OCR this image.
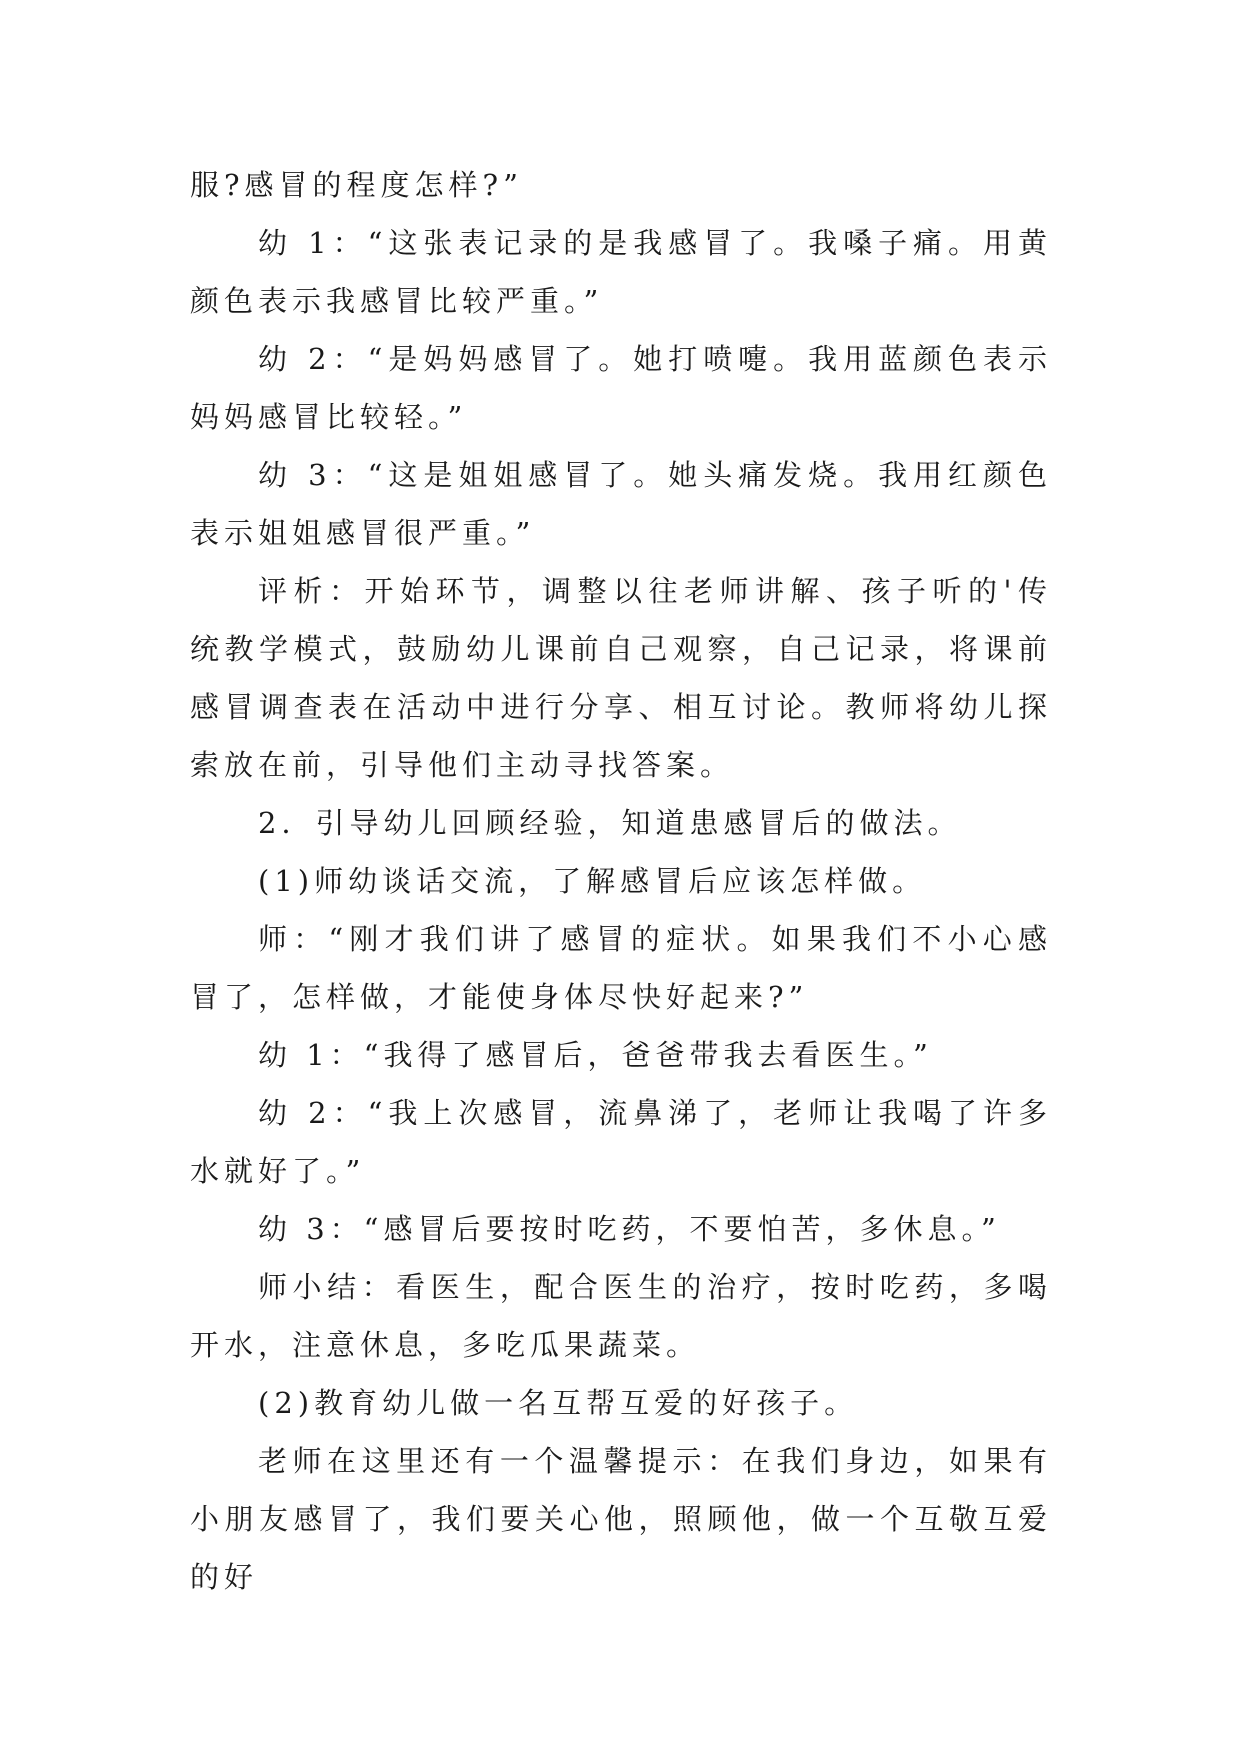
服?感冒的程度怎样?”

幼 1：“这张表记录的是我感冒了。我嗓子痛。用黄颜色表示我感冒比较严重。”

幼 2：“是妈妈感冒了。她打喷嚏。我用蓝颜色表示妈妈感冒比较轻。”

幼 3：“这是姐姐感冒了。她头痛发烧。我用红颜色表示姐姐感冒很严重。”

评析：开始环节，调整以往老师讲解、孩子听的'传统教学模式，鼓励幼儿课前自己观察，自己记录，将课前感冒调查表在活动中进行分享、相互讨论。教师将幼儿探索放在前，引导他们主动寻找答案。

2．引导幼儿回顾经验，知道患感冒后的做法。

(1)师幼谈话交流，了解感冒后应该怎样做。

师：“刚才我们讲了感冒的症状。如果我们不小心感冒了，怎样做，才能使身体尽快好起来?”

幼 1：“我得了感冒后，爸爸带我去看医生。”

幼 2：“我上次感冒，流鼻涕了，老师让我喝了许多水就好了。”

幼 3：“感冒后要按时吃药，不要怕苦，多休息。”

师小结：看医生，配合医生的治疗，按时吃药，多喝开水，注意休息，多吃瓜果蔬菜。

(2)教育幼儿做一名互帮互爱的好孩子。

老师在这里还有一个温馨提示：在我们身边，如果有小朋友感冒了，我们要关心他，照顾他，做一个互敬互爱的好
